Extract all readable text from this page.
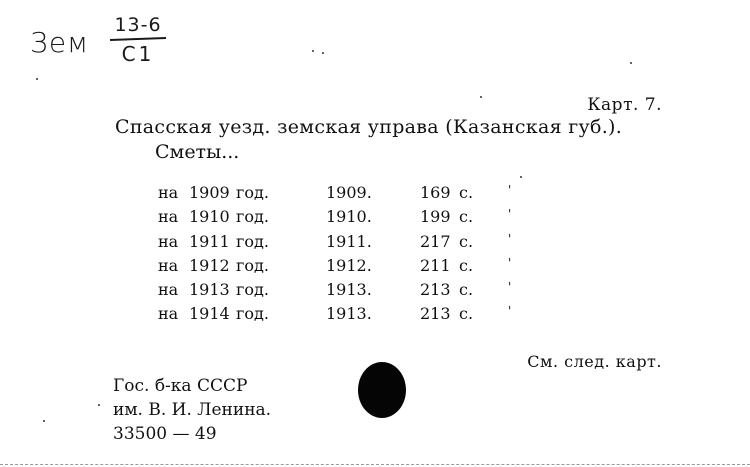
Зем
13-6
С1
Карт. 7.
Спасская уезд. земская управа (Казанская губ.).
Сметы...
на 1909 год.	1909.	169 с.	'
на 1910 год.	1910.	199 с.	'
на 1911 год.	1911.	217 с.	'
на 1912 год.	1912.	211 с.	'
на 1913 год.	1913.	213 с.	'
на 1914 год.	1913.	213 с.	'
См. след. карт.
Гос. б-ка СССР
им. В. И. Ленина.
33500 — 49
